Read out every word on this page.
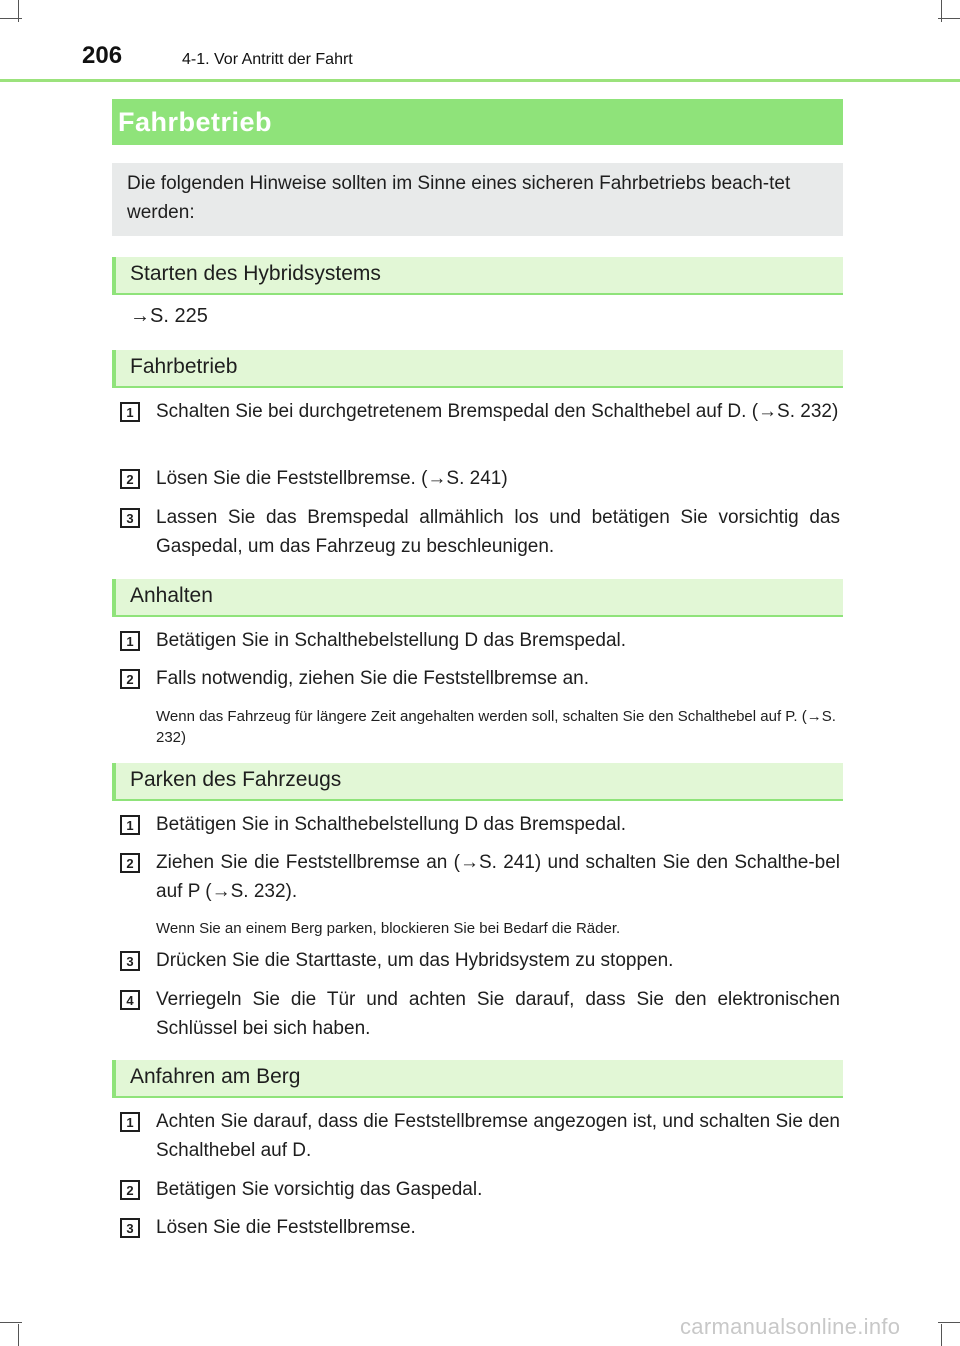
206	4-1. Vor Antritt der Fahrt
Fahrbetrieb
Die folgenden Hinweise sollten im Sinne eines sicheren Fahrbetriebs beach-tet werden:
Starten des Hybridsystems
→S. 225
Fahrbetrieb
1	Schalten Sie bei durchgetretenem Bremspedal den Schalthebel auf D. (→S. 232)
2	Lösen Sie die Feststellbremse. (→S. 241)
3	Lassen Sie das Bremspedal allmählich los und betätigen Sie vorsichtig das Gaspedal, um das Fahrzeug zu beschleunigen.
Anhalten
1	Betätigen Sie in Schalthebelstellung D das Bremspedal.
2	Falls notwendig, ziehen Sie die Feststellbremse an.
Wenn das Fahrzeug für längere Zeit angehalten werden soll, schalten Sie den Schalthebel auf P. (→S. 232)
Parken des Fahrzeugs
1	Betätigen Sie in Schalthebelstellung D das Bremspedal.
2	Ziehen Sie die Feststellbremse an (→S. 241) und schalten Sie den Schalthe-bel auf P (→S. 232).
Wenn Sie an einem Berg parken, blockieren Sie bei Bedarf die Räder.
3	Drücken Sie die Starttaste, um das Hybridsystem zu stoppen.
4	Verriegeln Sie die Tür und achten Sie darauf, dass Sie den elektronischen Schlüssel bei sich haben.
Anfahren am Berg
1	Achten Sie darauf, dass die Feststellbremse angezogen ist, und schalten Sie den Schalthebel auf D.
2	Betätigen Sie vorsichtig das Gaspedal.
3	Lösen Sie die Feststellbremse.
carmanualsonline.info
